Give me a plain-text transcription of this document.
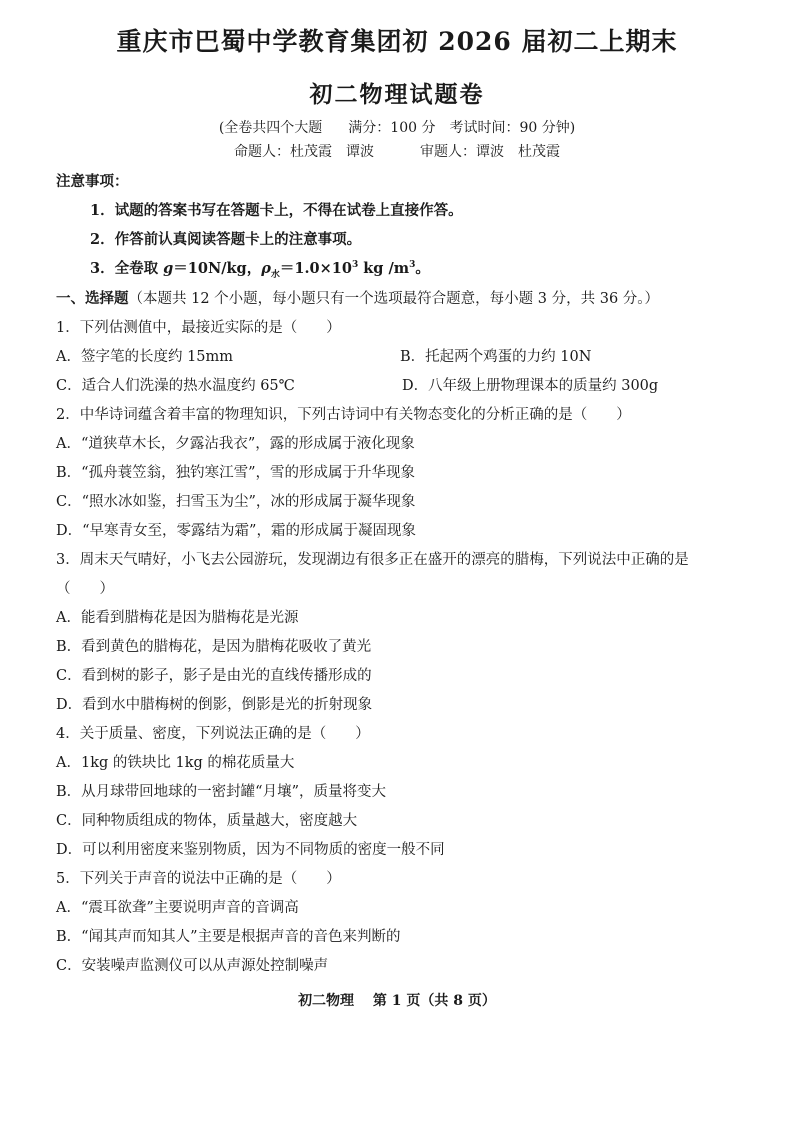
重庆市巴蜀中学教育集团初 2026 届初二上期末
初二物理试题卷
(全卷共四个大题 满分：100 分 考试时间：90 分钟)
命题人：杜茂霞　谭波	审题人：谭波　杜茂霞
注意事项：
1．试题的答案书写在答题卡上，不得在试卷上直接作答。
2．作答前认真阅读答题卡上的注意事项。
3．全卷取 g＝10N/kg，$\rho_水=1.0\times 10^3$ kg $/m^3$。
一、选择题（本题共 12 个小题，每小题只有一个选项最符合题意，每小题 3 分，共 36 分。）
1．下列估测值中，最接近实际的是（　　）
A．签字笔的长度约 15mm	B．托起两个鸡蛋的力约 10N
C．适合人们洗澡的热水温度约 65℃	D．八年级上册物理课本的质量约 300g
2．中华诗词蕴含着丰富的物理知识，下列古诗词中有关物态变化的分析正确的是（　　）
A．“道狭草木长，夕露沾我衣”，露的形成属于液化现象
B．“孤舟蓑笠翁，独钓寒江雪”，雪的形成属于升华现象
C．“照水冰如鉴，扫雪玉为尘”，冰的形成属于凝华现象
D．“早寒青女至，零露结为霜”，霜的形成属于凝固现象
3．周末天气晴好，小飞去公园游玩，发现湖边有很多正在盛开的漂亮的腊梅，下列说法中正确的是
（　　）
A．能看到腊梅花是因为腊梅花是光源
B．看到黄色的腊梅花，是因为腊梅花吸收了黄光
C．看到树的影子，影子是由光的直线传播形成的
D．看到水中腊梅树的倒影，倒影是光的折射现象
4．关于质量、密度，下列说法正确的是（　　）
A．1kg 的铁块比 1kg 的棉花质量大
B．从月球带回地球的一密封罐“月壤”，质量将变大
C．同种物质组成的物体，质量越大，密度越大
D．可以利用密度来鉴别物质，因为不同物质的密度一般不同
5．下列关于声音的说法中正确的是（　　）
A．“震耳欲聋”主要说明声音的音调高
B．“闻其声而知其人”主要是根据声音的音色来判断的
C．安装噪声监测仪可以从声源处控制噪声
初二物理　 第 1 页（共 8 页）
